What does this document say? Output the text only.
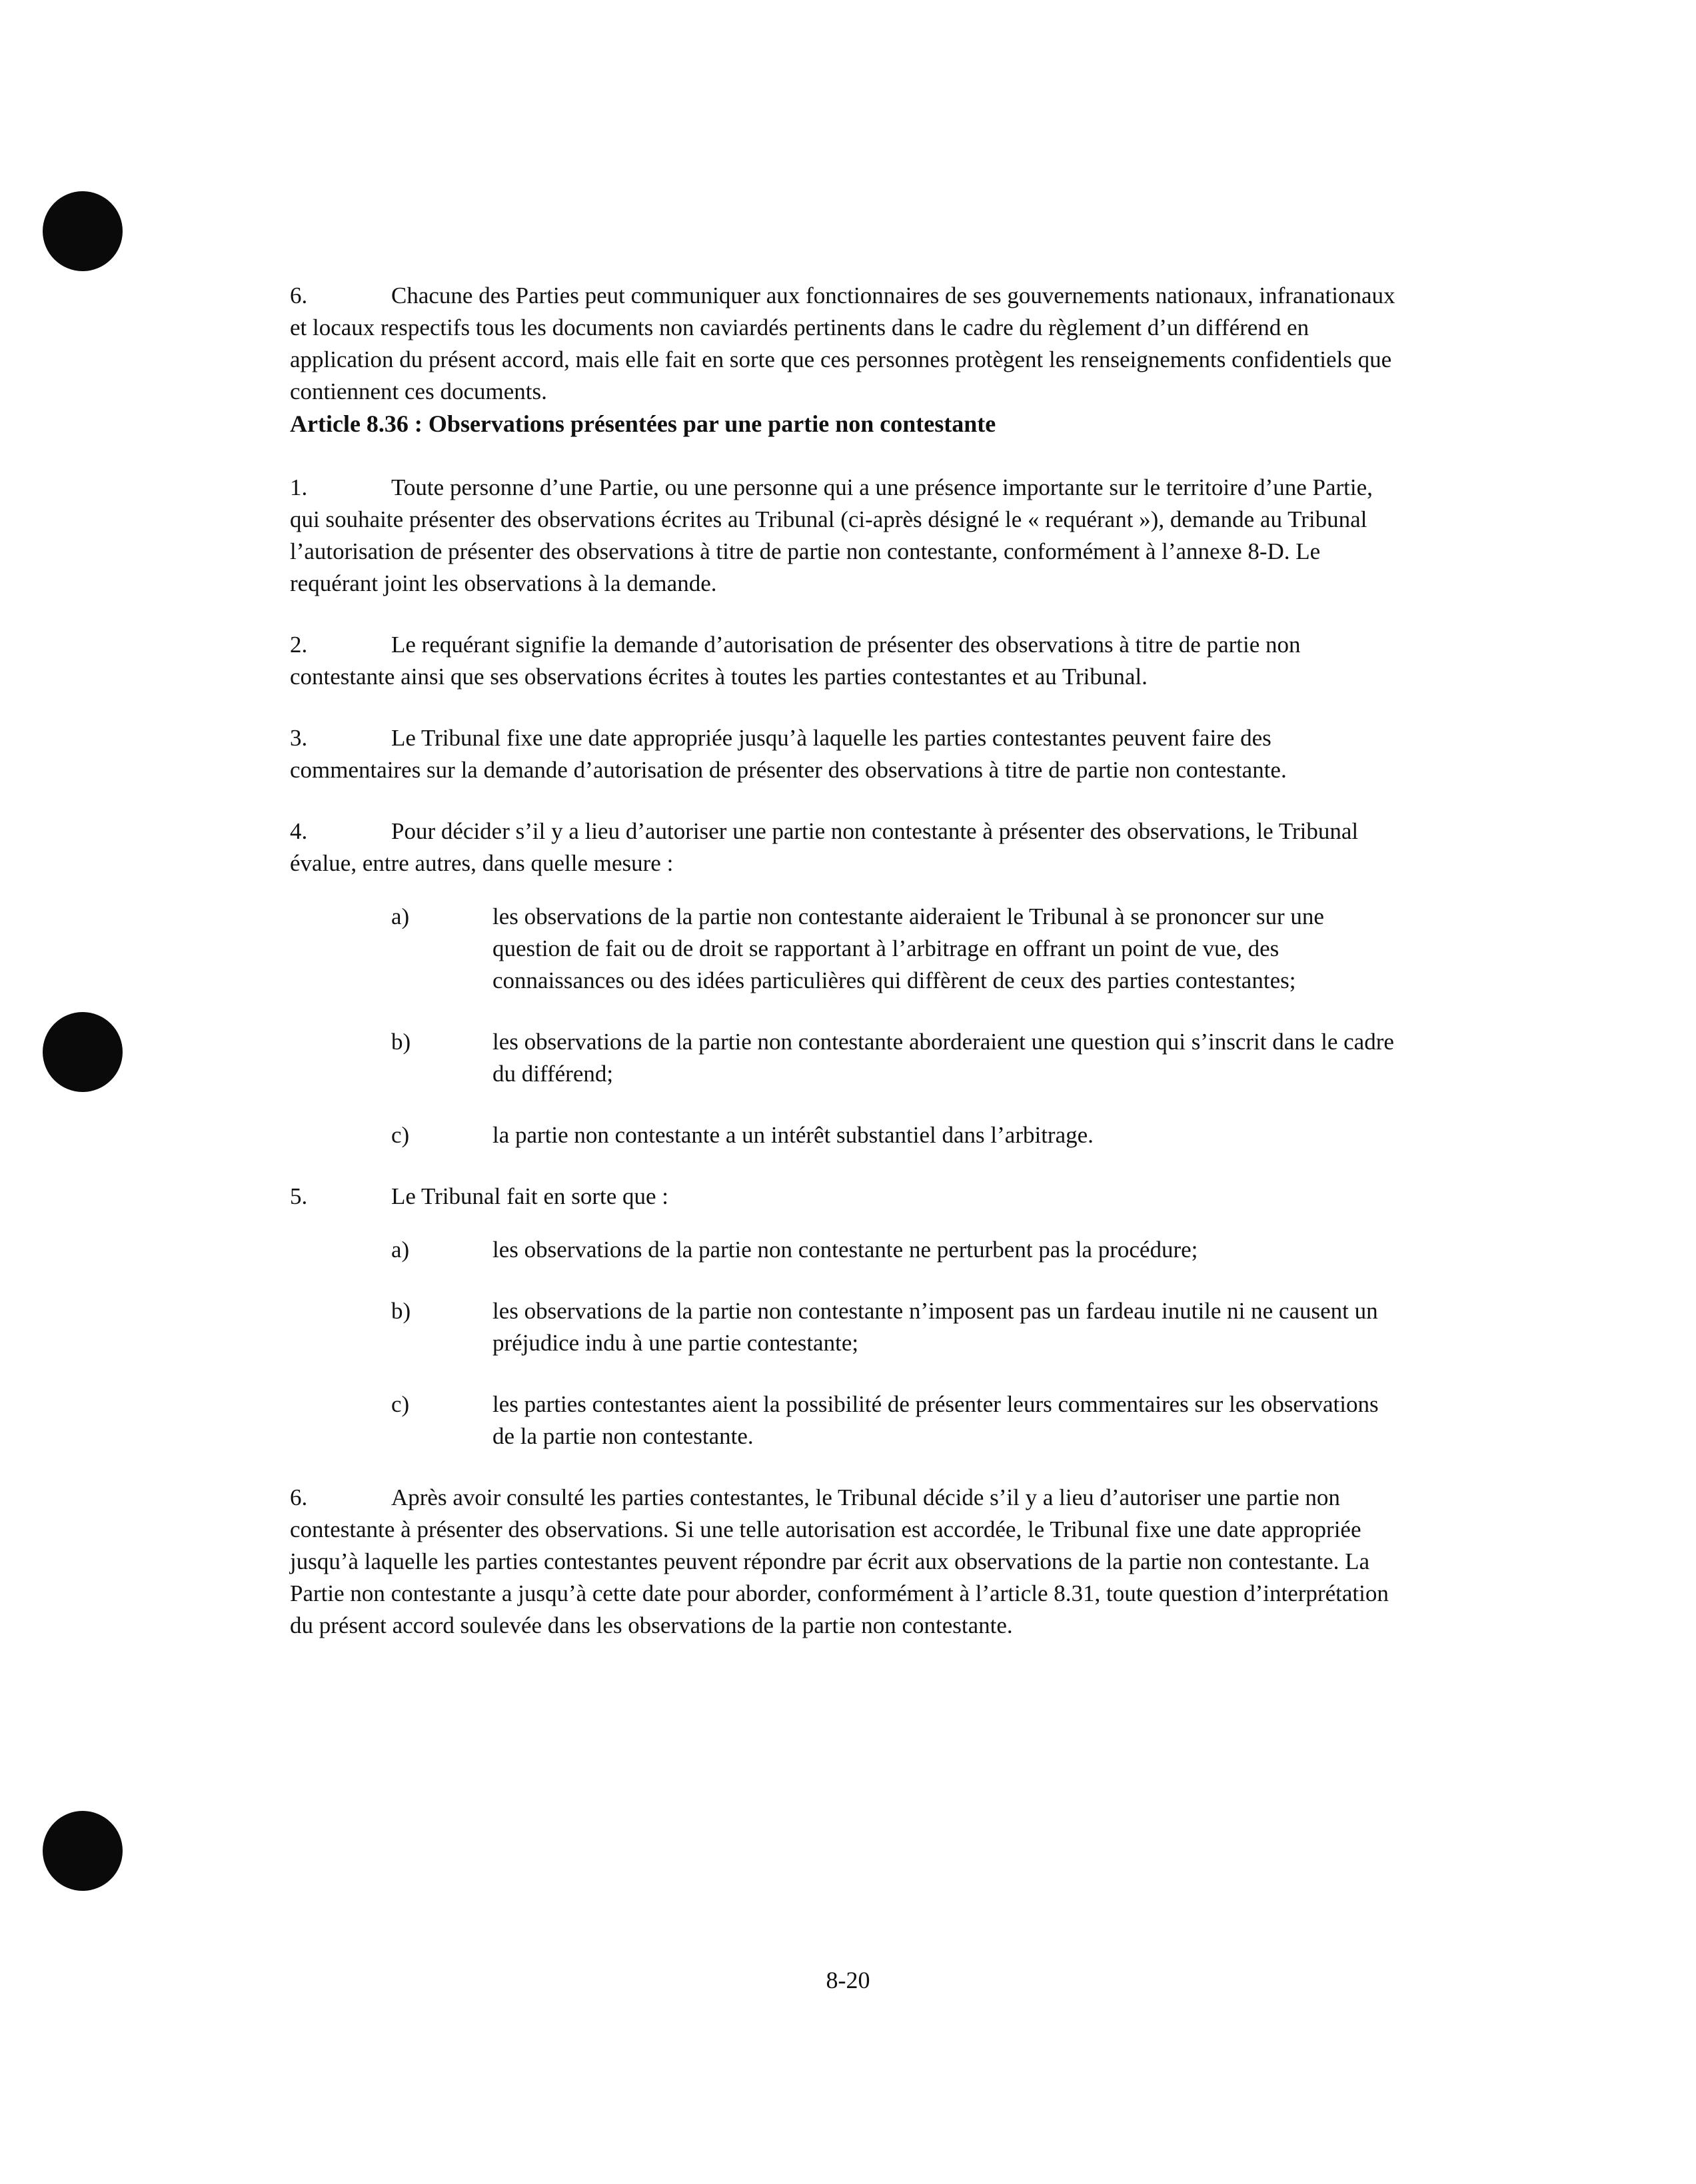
6.	Chacune des Parties peut communiquer aux fonctionnaires de ses gouvernements nationaux, infranationaux et locaux respectifs tous les documents non caviardés pertinents dans le cadre du règlement d’un différend en application du présent accord, mais elle fait en sorte que ces personnes protègent les renseignements confidentiels que contiennent ces documents.

Article 8.36 : Observations présentées par une partie non contestante

1.	Toute personne d’une Partie, ou une personne qui a une présence importante sur le territoire d’une Partie, qui souhaite présenter des observations écrites au Tribunal (ci-après désigné le « requérant »), demande au Tribunal l’autorisation de présenter des observations à titre de partie non contestante, conformément à l’annexe 8-D. Le requérant joint les observations à la demande.

2.	Le requérant signifie la demande d’autorisation de présenter des observations à titre de partie non contestante ainsi que ses observations écrites à toutes les parties contestantes et au Tribunal.

3.	Le Tribunal fixe une date appropriée jusqu’à laquelle les parties contestantes peuvent faire des commentaires sur la demande d’autorisation de présenter des observations à titre de partie non contestante.

4.	Pour décider s’il y a lieu d’autoriser une partie non contestante à présenter des observations, le Tribunal évalue, entre autres, dans quelle mesure :

a)	les observations de la partie non contestante aideraient le Tribunal à se prononcer sur une question de fait ou de droit se rapportant à l’arbitrage en offrant un point de vue, des connaissances ou des idées particulières qui diffèrent de ceux des parties contestantes;
b)	les observations de la partie non contestante aborderaient une question qui s’inscrit dans le cadre du différend;
c)	la partie non contestante a un intérêt substantiel dans l’arbitrage.

5.	Le Tribunal fait en sorte que :

a)	les observations de la partie non contestante ne perturbent pas la procédure;
b)	les observations de la partie non contestante n’imposent pas un fardeau inutile ni ne causent un préjudice indu à une partie contestante;
c)	les parties contestantes aient la possibilité de présenter leurs commentaires sur les observations de la partie non contestante.

6.	Après avoir consulté les parties contestantes, le Tribunal décide s’il y a lieu d’autoriser une partie non contestante à présenter des observations. Si une telle autorisation est accordée, le Tribunal fixe une date appropriée jusqu’à laquelle les parties contestantes peuvent répondre par écrit aux observations de la partie non contestante. La Partie non contestante a jusqu’à cette date pour aborder, conformément à l’article 8.31, toute question d’interprétation du présent accord soulevée dans les observations de la partie non contestante.

8-20
